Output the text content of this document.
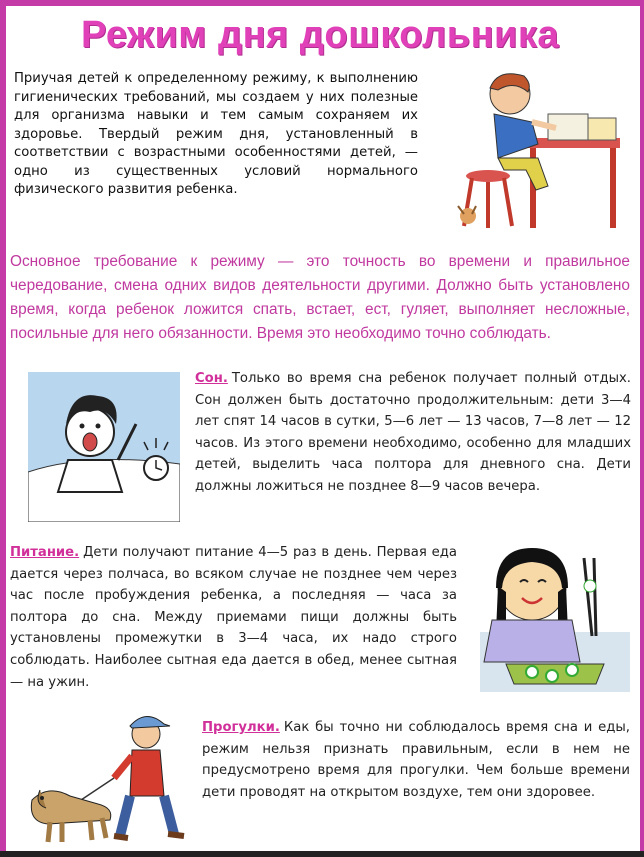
Режим дня дошкольника
Приучая детей к определенному режиму, к выполнению гигиенических требований, мы создаем у них полезные для организма навыки и тем самым сохраняем их здоровье. Твердый режим дня, установленный в соответствии с возрастными особенностями детей, — одно из существенных условий нормального физического развития ребенка.
Основное требование к режиму — это точность во времени и правильное чередование, смена одних видов деятельности другими. Должно быть установлено время, когда ребенок ложится спать, встает, ест, гуляет, выполняет несложные, посильные для него обязанности. Время это необходимо точно соблюдать.
Сон. Только во время сна ребенок получает полный отдых. Сон должен быть достаточно продолжительным: дети 3—4 лет спят 14 часов в сутки, 5—6 лет — 13 часов, 7—8 лет — 12 часов. Из этого времени необходимо, особенно для младших детей, выделить часа полтора для дневного сна. Дети должны ложиться не позднее 8—9 часов вечера.
Питание. Дети получают питание 4—5 раз в день. Первая еда дается через полчаса, во всяком случае не позднее чем через час после пробуждения ребенка, а последняя — часа за полтора до сна. Между приемами пищи должны быть установлены промежутки в 3—4 часа, их надо строго соблюдать. Наиболее сытная еда дается в обед, менее сытная — на ужин.
Прогулки. Как бы точно ни соблюдалось время сна и еды, режим нельзя признать правильным, если в нем не предусмотрено время для прогулки. Чем больше времени дети проводят на открытом воздухе, тем они здоровее.
